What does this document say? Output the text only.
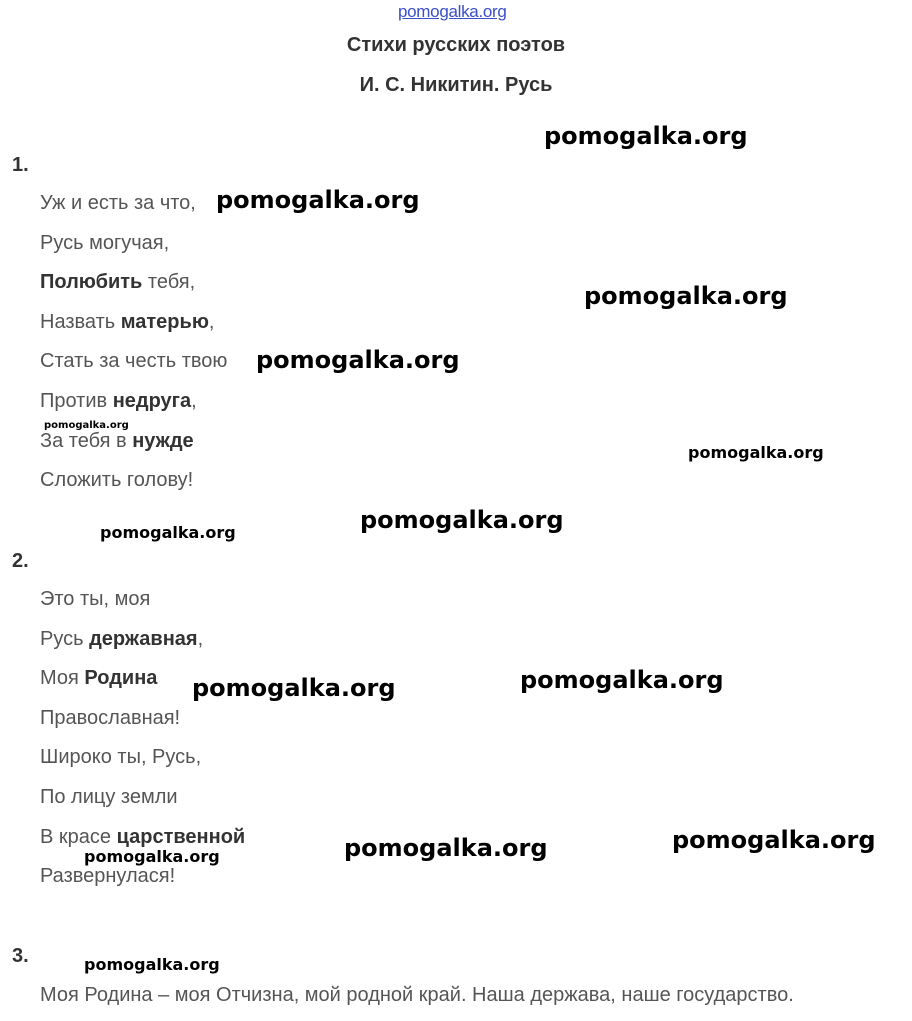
pomogalka.org
Стихи русских поэтов
И. С. Никитин. Русь
1.
Уж и есть за что,
Русь могучая,
Полюбить тебя,
Назвать матерью,
Стать за честь твою
Против недруга,
За тебя в нужде
Сложить голову!
2.
Это ты, моя
Русь державная,
Моя Родина
Православная!
Широко ты, Русь,
По лицу земли
В красе царственной
Развернулася!
3.
Моя Родина – моя Отчизна, мой родной край. Наша держава, наше государство.
pomogalka.org
pomogalka.org
pomogalka.org
pomogalka.org
pomogalka.org
pomogalka.org
pomogalka.org
pomogalka.org
pomogalka.org
pomogalka.org
pomogalka.org
pomogalka.org
pomogalka.org
pomogalka.org
